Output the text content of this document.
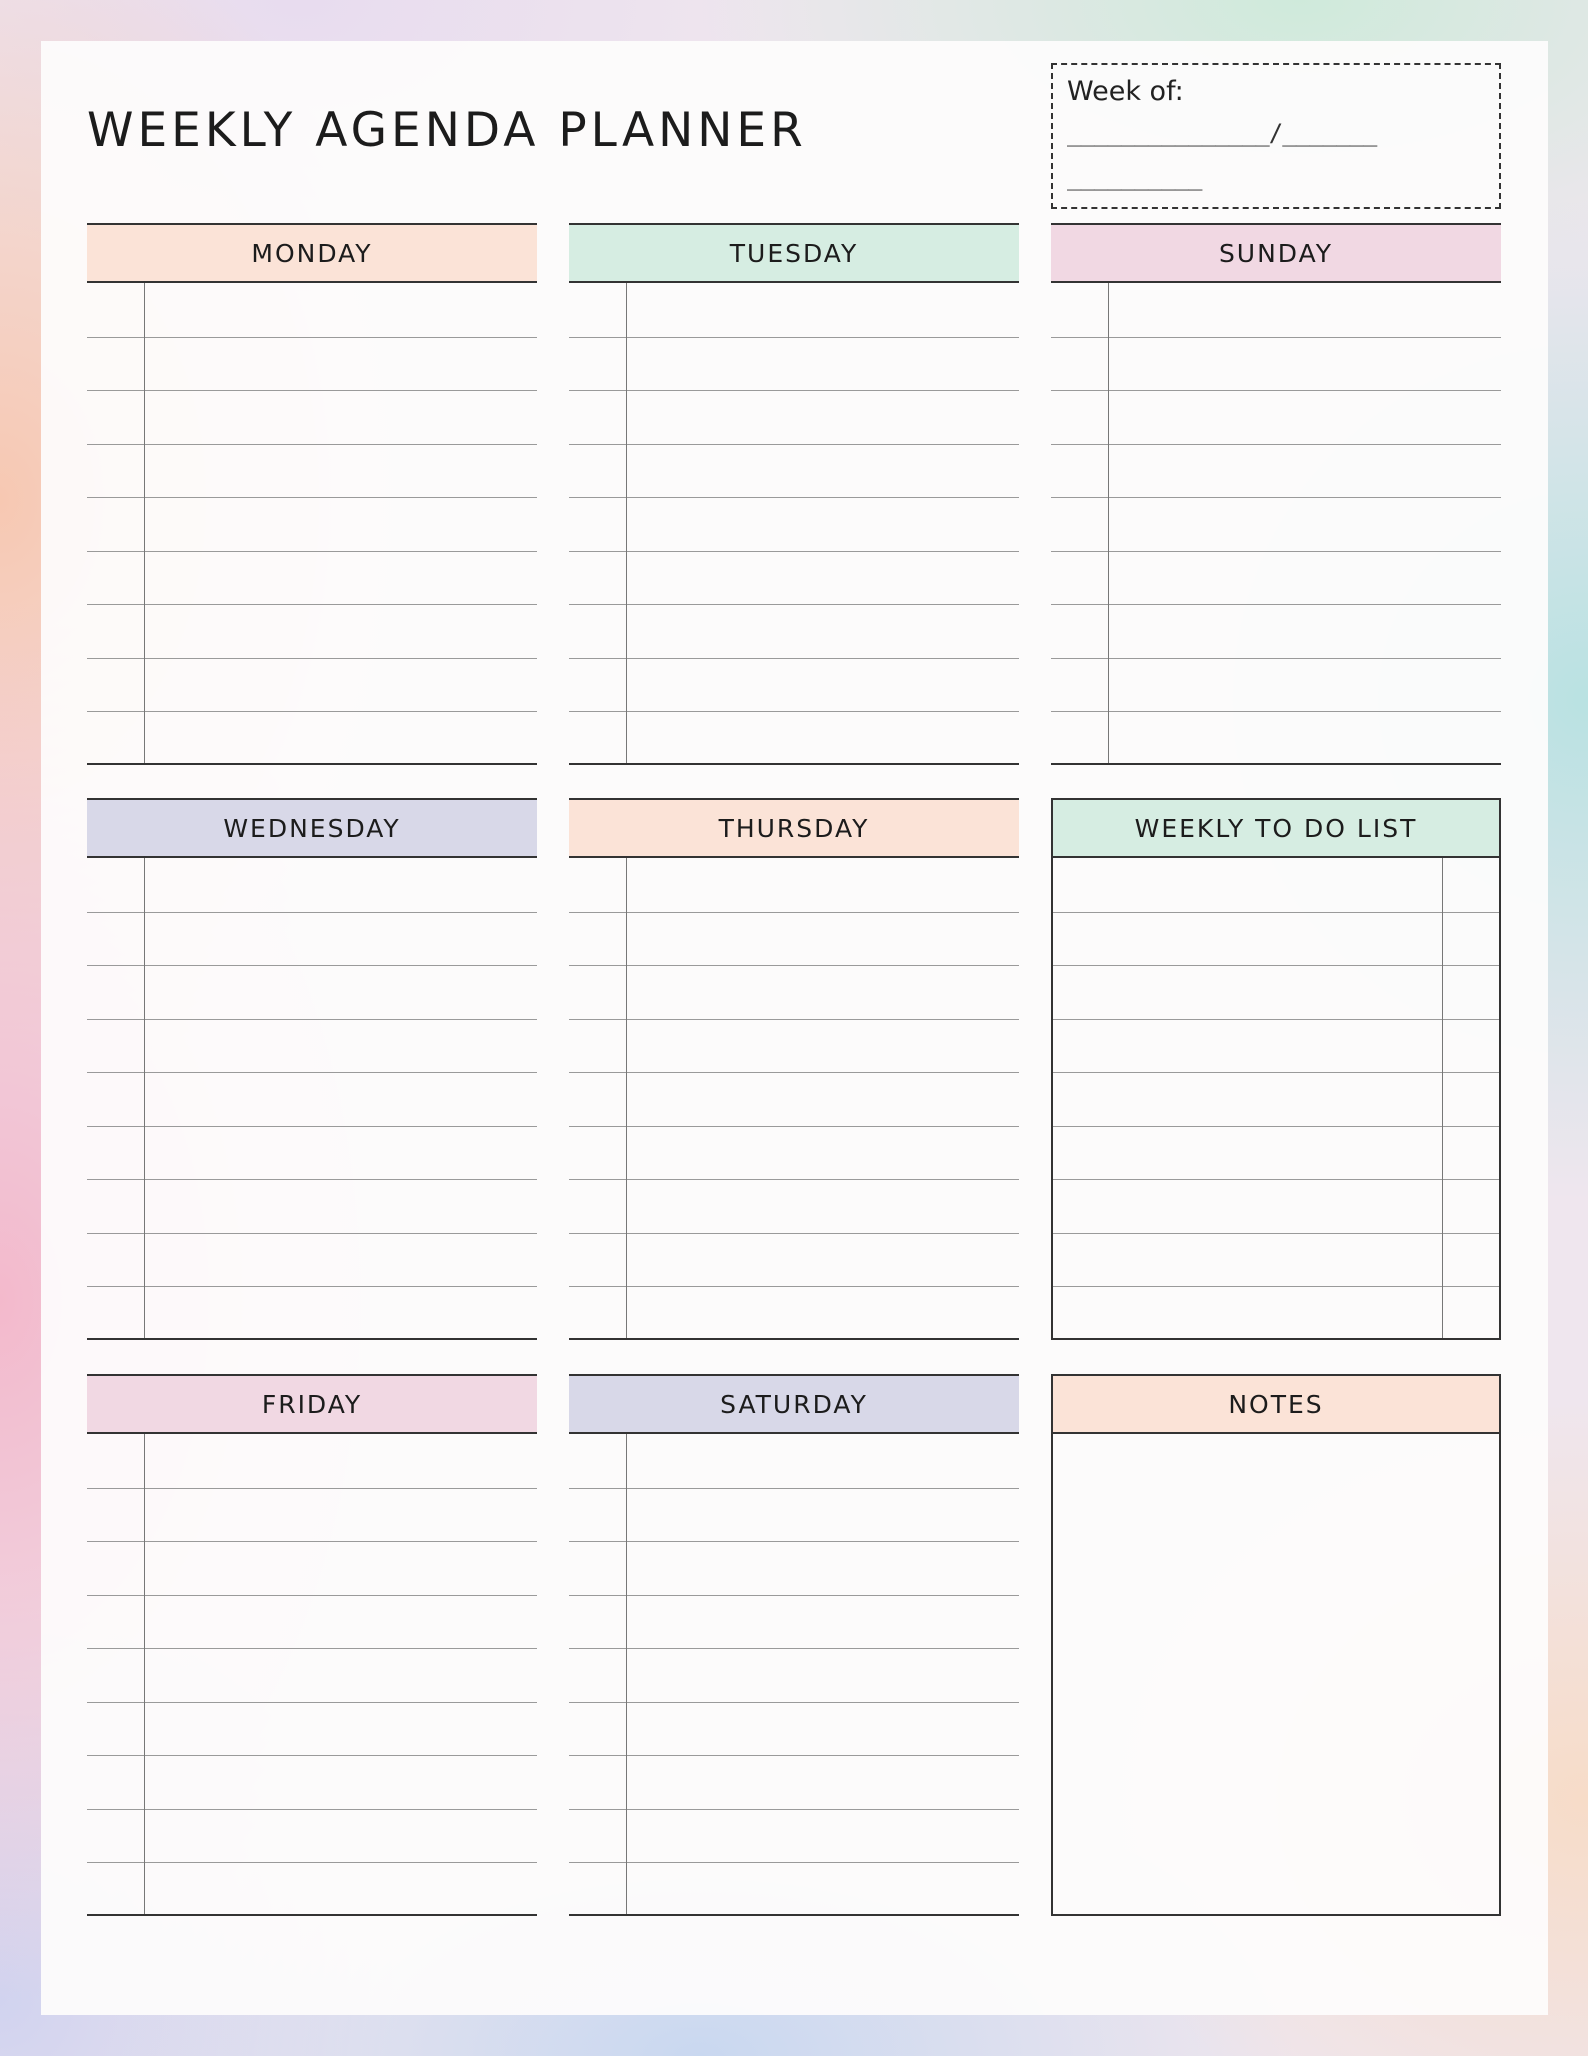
WEEKLY AGENDA PLANNER
Week of:
_______________/_______
__________
MONDAY	TUESDAY	SUNDAY
WEDNESDAY	THURSDAY	WEEKLY TO DO LIST
FRIDAY	SATURDAY	NOTES
